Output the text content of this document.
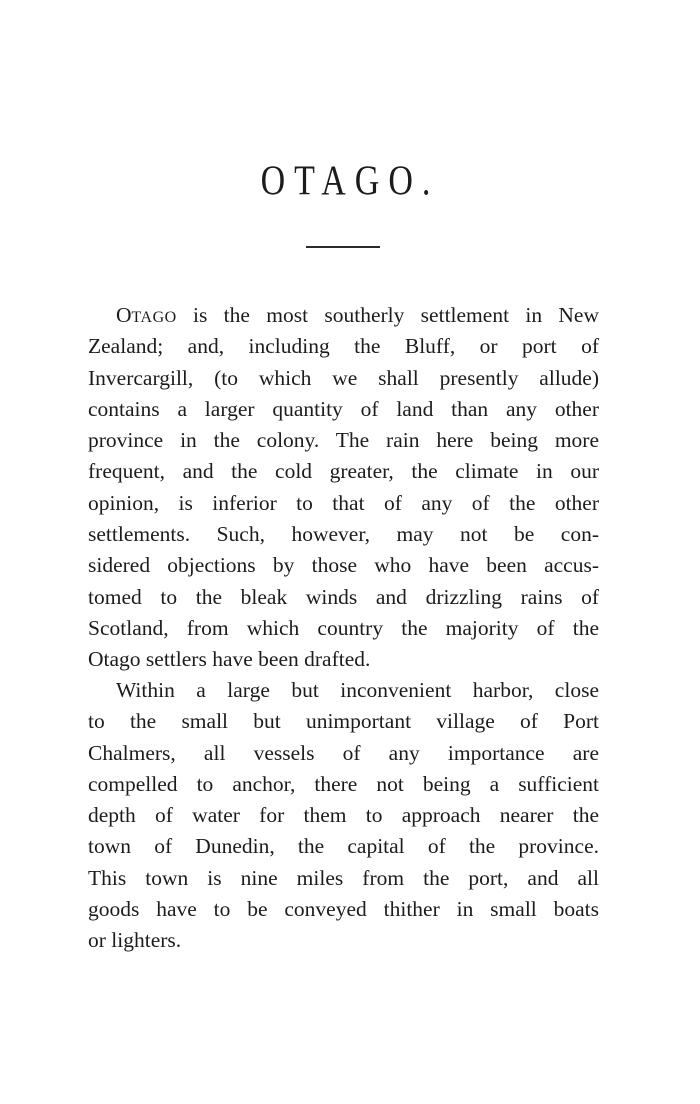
OTAGO.
OTAGO is the most southerly settlement in New
Zealand; and, including the Bluff, or port of
Invercargill, (to which we shall presently allude)
contains a larger quantity of land than any other
province in the colony. The rain here being more
frequent, and the cold greater, the climate in our
opinion, is inferior to that of any of the other
settlements. Such, however, may not be con-
sidered objections by those who have been accus-
tomed to the bleak winds and drizzling rains of
Scotland, from which country the majority of the
Otago settlers have been drafted.
Within a large but inconvenient harbor, close
to the small but unimportant village of Port
Chalmers, all vessels of any importance are
compelled to anchor, there not being a sufficient
depth of water for them to approach nearer the
town of Dunedin, the capital of the province.
This town is nine miles from the port, and all
goods have to be conveyed thither in small boats
or lighters.
